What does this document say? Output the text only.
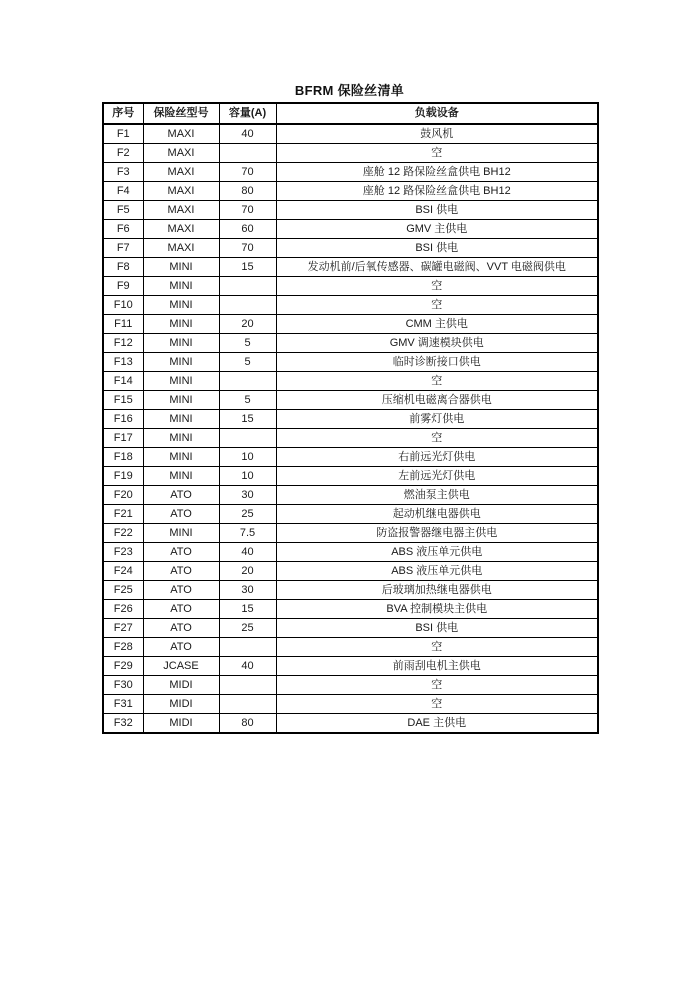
BFRM 保险丝清单
序号	保险丝型号	容量(A)	负载设备
F1	MAXI	40	鼓风机
F2	MAXI		空
F3	MAXI	70	座舱 12 路保险丝盒供电 BH12
F4	MAXI	80	座舱 12 路保险丝盒供电 BH12
F5	MAXI	70	BSI 供电
F6	MAXI	60	GMV 主供电
F7	MAXI	70	BSI 供电
F8	MINI	15	发动机前/后氧传感器、碳罐电磁阀、VVT 电磁阀供电
F9	MINI		空
F10	MINI		空
F11	MINI	20	CMM 主供电
F12	MINI	5	GMV 调速模块供电
F13	MINI	5	临时诊断接口供电
F14	MINI		空
F15	MINI	5	压缩机电磁离合器供电
F16	MINI	15	前雾灯供电
F17	MINI		空
F18	MINI	10	右前远光灯供电
F19	MINI	10	左前远光灯供电
F20	ATO	30	燃油泵主供电
F21	ATO	25	起动机继电器供电
F22	MINI	7.5	防盗报警器继电器主供电
F23	ATO	40	ABS 液压单元供电
F24	ATO	20	ABS 液压单元供电
F25	ATO	30	后玻璃加热继电器供电
F26	ATO	15	BVA 控制模块主供电
F27	ATO	25	BSI 供电
F28	ATO		空
F29	JCASE	40	前雨刮电机主供电
F30	MIDI		空
F31	MIDI		空
F32	MIDI	80	DAE 主供电
